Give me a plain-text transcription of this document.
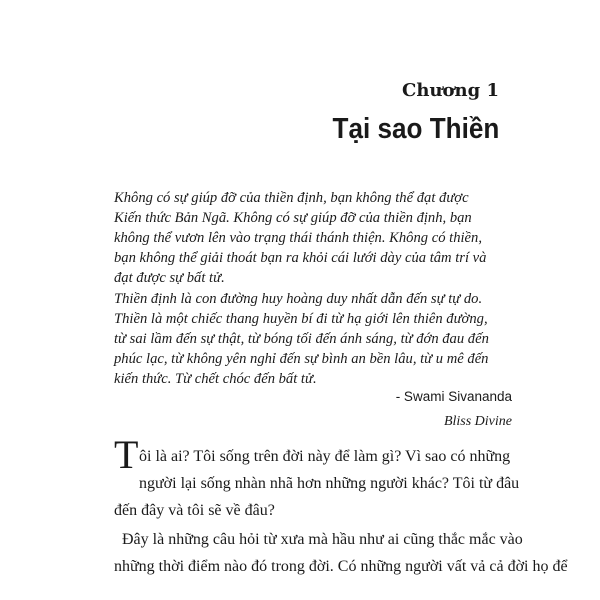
Chương 1
Tại sao Thiền
Không có sự giúp đỡ của thiền định, bạn không thể đạt được
Kiến thức Bản Ngã. Không có sự giúp đỡ của thiền định, bạn
không thể vươn lên vào trạng thái thánh thiện. Không có thiền,
bạn không thể giải thoát bạn ra khỏi cái lưới dày của tâm trí và
đạt được sự bất tử.
Thiền định là con đường huy hoàng duy nhất dẫn đến sự tự do.
Thiền là một chiếc thang huyền bí đi từ hạ giới lên thiên đường,
từ sai lầm đến sự thật, từ bóng tối đến ánh sáng, từ đớn đau đến
phúc lạc, từ không yên nghỉ đến sự bình an bền lâu, từ u mê đến
kiến thức. Từ chết chóc đến bất tử.
- Swami Sivananda
Bliss Divine
T ôi là ai? Tôi sống trên đời này để làm gì? Vì sao có những
người lại sống nhàn nhã hơn những người khác? Tôi từ đâu
đến đây và tôi sẽ về đâu?
Đây là những câu hỏi từ xưa mà hầu như ai cũng thắc mắc vào
những thời điểm nào đó trong đời. Có những người vất vả cả đời họ để
